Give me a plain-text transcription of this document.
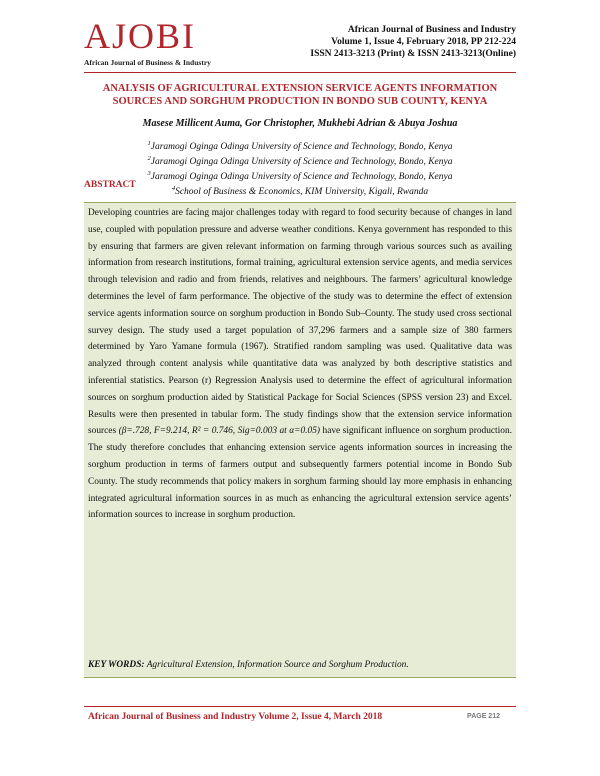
AJOBI
African Journal of Business & Industry
African Journal of Business and Industry
Volume 1, Issue 4, February 2018, PP 212-224
ISSN 2413-3213 (Print) & ISSN 2413-3213(Online)
ANALYSIS OF AGRICULTURAL EXTENSION SERVICE AGENTS INFORMATION
SOURCES AND SORGHUM PRODUCTION IN BONDO SUB COUNTY, KENYA
Masese Millicent Auma, Gor Christopher, Mukhebi Adrian & Abuya Joshua
$^1$Jaramogi Oginga Odinga University of Science and Technology, Bondo, Kenya
$^2$Jaramogi Oginga Odinga University of Science and Technology, Bondo, Kenya
$^3$Jaramogi Oginga Odinga University of Science and Technology, Bondo, Kenya
$^4$School of Business & Economics, KIM University, Kigali, Rwanda
ABSTRACT
Developing countries are facing major challenges today with regard to food security because of changes in land use, coupled with population pressure and adverse weather conditions. Kenya government has responded to this by ensuring that farmers are given relevant information on farming through various sources such as availing information from research institutions, formal training, agricultural extension service agents, and media services through television and radio and from friends, relatives and neighbours. The farmers’ agricultural knowledge determines the level of farm performance. The objective of the study was to determine the effect of extension service agents information source on sorghum production in Bondo Sub–County. The study used cross sectional survey design. The study used a target population of 37,296 farmers and a sample size of 380 farmers determined by Yaro Yamane formula (1967). Stratified random sampling was used. Qualitative data was analyzed through content analysis while quantitative data was analyzed by both descriptive statistics and inferential statistics. Pearson (r) Regression Analysis used to determine the effect of agricultural information sources on sorghum production aided by Statistical Package for Social Sciences (SPSS version 23) and Excel. Results were then presented in tabular form. The study findings show that the extension service information sources (β=.728, F=9.214, R² = 0.746, Sig=0.003 at α=0.05) have significant influence on sorghum production. The study therefore concludes that enhancing extension service agents information sources in increasing the sorghum production in terms of farmers output and subsequently farmers potential income in Bondo Sub County. The study recommends that policy makers in sorghum farming should lay more emphasis in enhancing integrated agricultural information sources in as much as enhancing the agricultural extension service agents’ information sources to increase in sorghum production.
KEY WORDS: Agricultural Extension, Information Source and Sorghum Production.
African Journal of Business and Industry Volume 2, Issue 4, March 2018	PAGE 212
